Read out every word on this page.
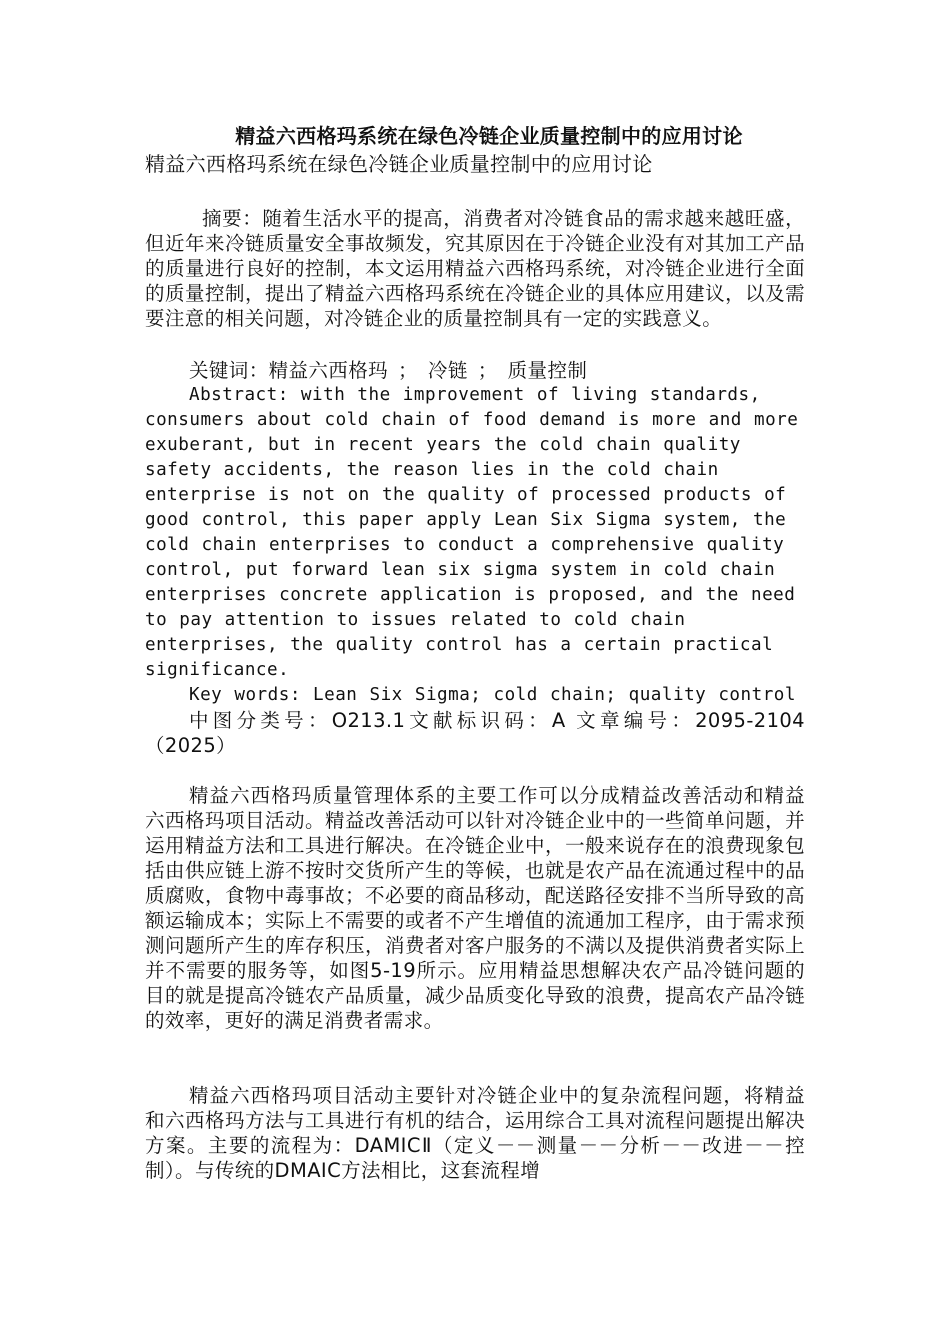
精益六西格玛系统在绿色冷链企业质量控制中的应用讨论

精益六西格玛系统在绿色冷链企业质量控制中的应用讨论

摘要：随着生活水平的提高，消费者对冷链食品的需求越来越旺盛，但近年来冷链质量安全事故频发，究其原因在于冷链企业没有对其加工产品的质量进行良好的控制，本文运用精益六西格玛系统，对冷链企业进行全面的质量控制，提出了精益六西格玛系统在冷链企业的具体应用建议，以及需要注意的相关问题，对冷链企业的质量控制具有一定的实践意义。

关键词：精益六西格玛 ； 冷链 ； 质量控制

Abstract: with the improvement of living standards, consumers about cold chain of food demand is more and more exuberant, but in recent years the cold chain quality safety accidents, the reason lies in the cold chain enterprise is not on the quality of processed products of good control, this paper apply Lean Six Sigma system, the cold chain enterprises to conduct a comprehensive quality control, put forward lean six sigma system in cold chain enterprises concrete application is proposed, and the need to pay attention to issues related to cold chain enterprises, the quality control has a certain practical significance.

Key words: Lean Six Sigma; cold chain; quality control

中图分类号：O213.1文献标识码：A 文章编号：2095-2104（2025）

精益六西格玛质量管理体系的主要工作可以分成精益改善活动和精益六西格玛项目活动。精益改善活动可以针对冷链企业中的一些简单问题，并运用精益方法和工具进行解决。在冷链企业中，一般来说存在的浪费现象包括由供应链上游不按时交货所产生的等候，也就是农产品在流通过程中的品质腐败，食物中毒事故；不必要的商品移动，配送路径安排不当所导致的高额运输成本；实际上不需要的或者不产生增值的流通加工程序，由于需求预测问题所产生的库存积压，消费者对客户服务的不满以及提供消费者实际上并不需要的服务等，如图5-19所示。应用精益思想解决农产品冷链问题的目的就是提高冷链农产品质量，减少品质变化导致的浪费，提高农产品冷链的效率，更好的满足消费者需求。

精益六西格玛项目活动主要针对冷链企业中的复杂流程问题，将精益和六西格玛方法与工具进行有机的结合，运用综合工具对流程问题提出解决方案。主要的流程为：DAMICⅡ（定义－－测量－－分析－－改进－－控制）。与传统的DMAIC方法相比，这套流程增
